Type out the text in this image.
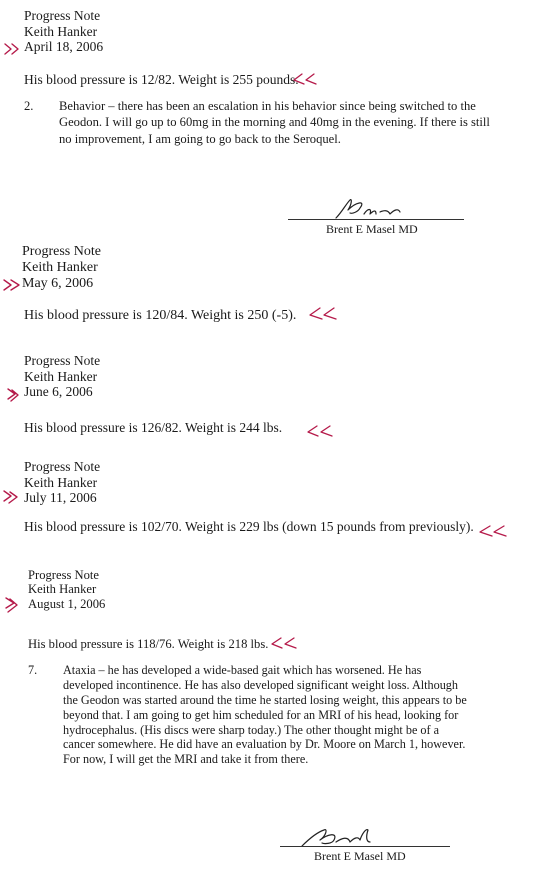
Progress Note
Keith Hanker
April 18, 2006
His blood pressure is 12/82. Weight is 255 pounds.
2. Behavior – there has been an escalation in his behavior since being switched to the Geodon. I will go up to 60mg in the morning and 40mg in the evening. If there is still no improvement, I am going to go back to the Seroquel.
Brent E Masel MD
Progress Note
Keith Hanker
May 6, 2006
His blood pressure is 120/84. Weight is 250 (-5).
Progress Note
Keith Hanker
June 6, 2006
His blood pressure is 126/82. Weight is 244 lbs.
Progress Note
Keith Hanker
July 11, 2006
His blood pressure is 102/70. Weight is 229 lbs (down 15 pounds from previously).
Progress Note
Keith Hanker
August 1, 2006
His blood pressure is 118/76. Weight is 218 lbs.
7. Ataxia – he has developed a wide-based gait which has worsened. He has developed incontinence. He has also developed significant weight loss. Although the Geodon was started around the time he started losing weight, this appears to be beyond that. I am going to get him scheduled for an MRI of his head, looking for hydrocephalus. (His discs were sharp today.) The other thought might be of a cancer somewhere. He did have an evaluation by Dr. Moore on March 1, however. For now, I will get the MRI and take it from there.
Brent E Masel MD
